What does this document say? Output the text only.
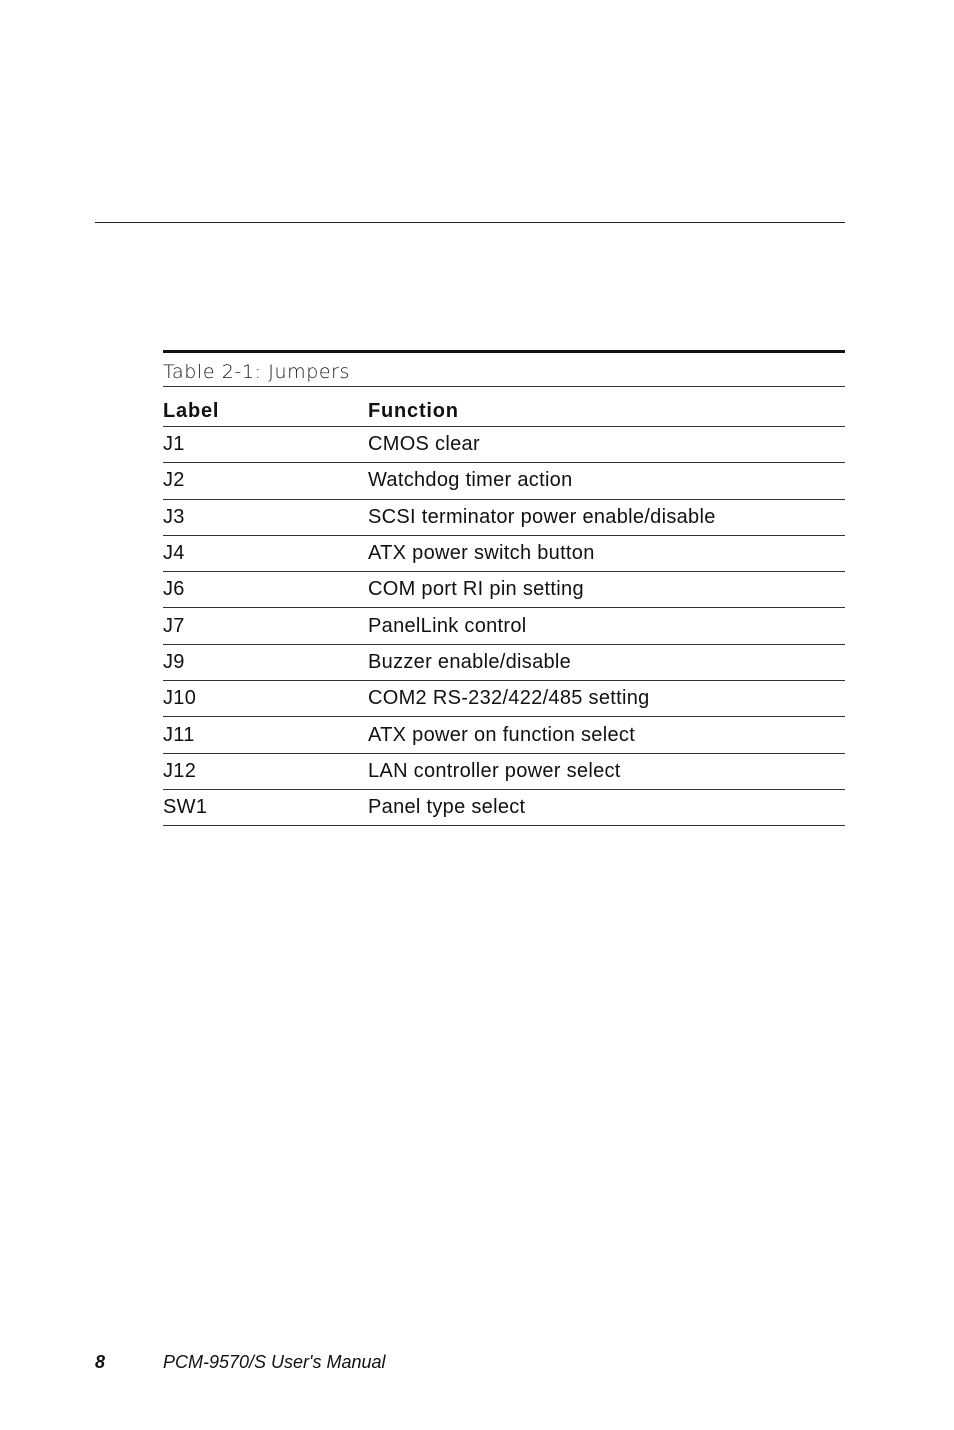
Table 2-1: Jumpers
Label	Function
J1	CMOS clear
J2	Watchdog timer action
J3	SCSI terminator power enable/disable
J4	ATX power switch button
J6	COM port RI pin setting
J7	PanelLink control
J9	Buzzer enable/disable
J10	COM2 RS-232/422/485 setting
J11	ATX power on function select
J12	LAN controller power select
SW1	Panel type select
8	PCM-9570/S User's Manual
